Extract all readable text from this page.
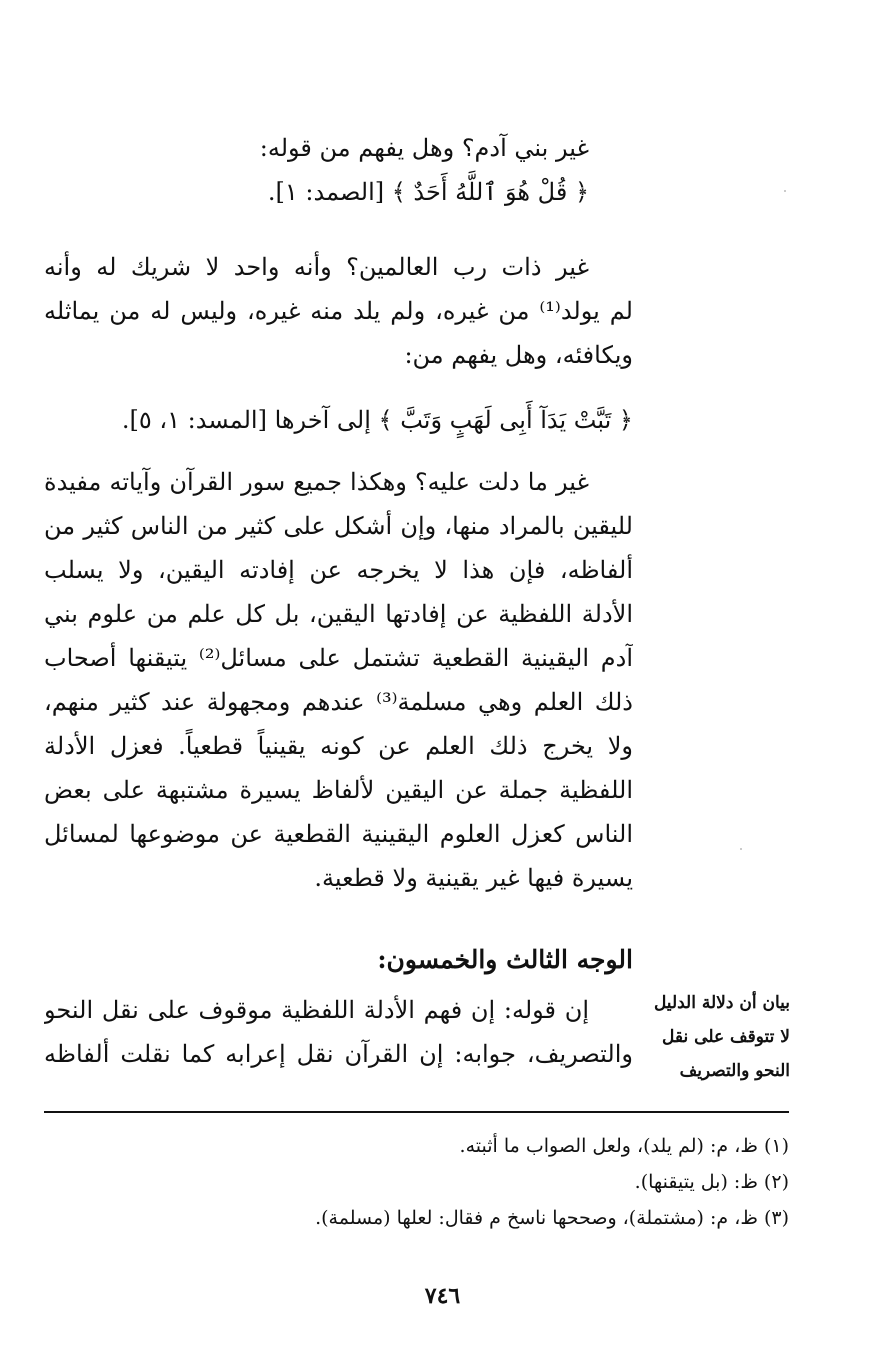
غير بني آدم؟ وهل يفهم من قوله:
﴿ قُلْ هُوَ ٱللَّهُ أَحَدٌ ﴾ [الصمد: ١].
غير ذات رب العالمين؟ وأنه واحد لا شريك له وأنه
لم يولد⁽¹⁾ من غيره، ولم يلد منه غيره، وليس له من يماثله
ويكافئه، وهل يفهم من:
﴿ تَبَّتْ يَدَآ أَبِى لَهَبٍ وَتَبَّ ﴾ إلى آخرها [المسد: ١، ٥].
غير ما دلت عليه؟ وهكذا جميع سور القرآن وآياته مفيدة
لليقين بالمراد منها، وإن أشكل على كثير من الناس كثير من
ألفاظه، فإن هذا لا يخرجه عن إفادته اليقين، ولا يسلب
الأدلة اللفظية عن إفادتها اليقين، بل كل علم من علوم بني
آدم اليقينية القطعية تشتمل على مسائل⁽²⁾ يتيقنها أصحاب
ذلك العلم وهي مسلمة⁽³⁾ عندهم ومجهولة عند كثير منهم،
ولا يخرج ذلك العلم عن كونه يقينياً قطعياً. فعزل الأدلة
اللفظية جملة عن اليقين لألفاظ يسيرة مشتبهة على بعض
الناس كعزل العلوم اليقينية القطعية عن موضوعها لمسائل
يسيرة فيها غير يقينية ولا قطعية.
الوجه الثالث والخمسون:
إن قوله: إن فهم الأدلة اللفظية موقوف على نقل النحو
والتصريف، جوابه: إن القرآن نقل إعرابه كما نقلت ألفاظه
بيان أن دلالة الدليل
لا تتوقف على نقل
النحو والتصريف
(١) ظ، م: (لم يلد)، ولعل الصواب ما أثبته.
(٢) ظ: (بل يتيقنها).
(٣) ظ، م: (مشتملة)، وصححها ناسخ م فقال: لعلها (مسلمة).
٧٤٦
